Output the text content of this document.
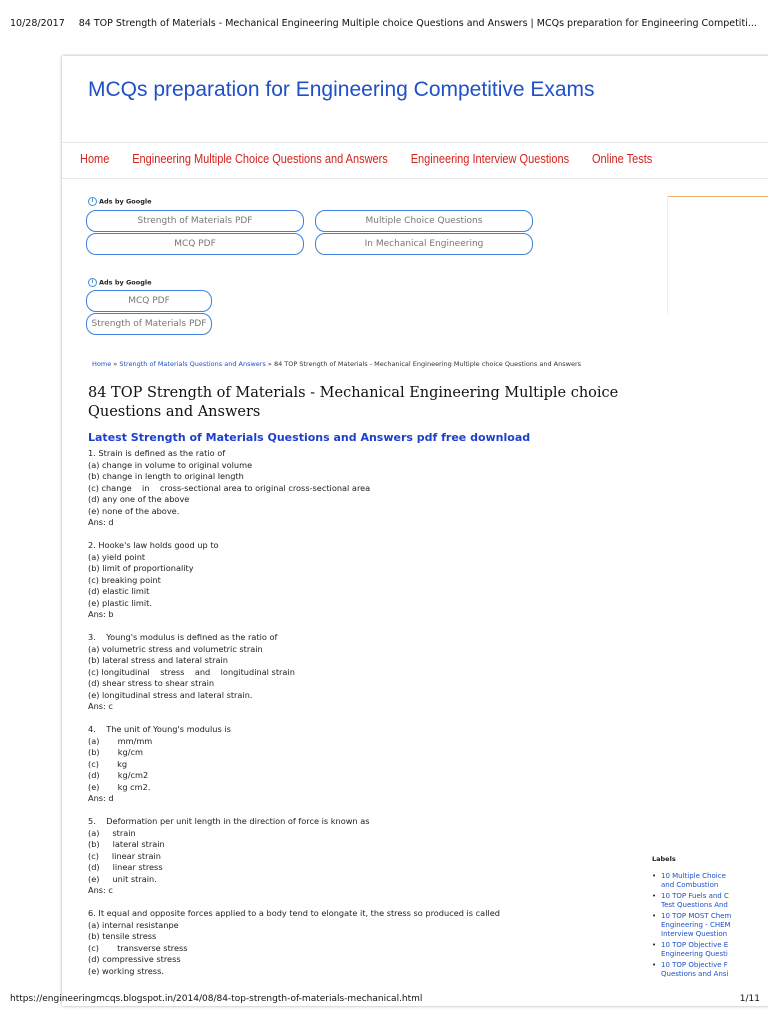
10/28/2017 84 TOP Strength of Materials - Mechanical Engineering Multiple choice Questions and Answers | MCQs preparation for Engineering Competiti...
MCQs preparation for Engineering Competitive Exams
Home Engineering Multiple Choice Questions and Answers Engineering Interview Questions Online Tests
i Ads by Google
Strength of Materials PDF	Multiple Choice Questions
MCQ PDF	In Mechanical Engineering
i Ads by Google
MCQ PDF
Strength of Materials PDF
Home » Strength of Materials Questions and Answers » 84 TOP Strength of Materials - Mechanical Engineering Multiple choice Questions and Answers
84 TOP Strength of Materials - Mechanical Engineering Multiple choice Questions and Answers
Latest Strength of Materials Questions and Answers pdf free download
1. Strain is defined as the ratio of
(a) change in volume to original volume
(b) change in length to original length
(c) change    in    cross-sectional area to original cross-sectional area
(d) any one of the above
(e) none of the above.
Ans: d
2. Hooke's law holds good up to
(a) yield point
(b) limit of proportionality
(c) breaking point
(d) elastic limit
(e) plastic limit.
Ans: b
3.    Young's modulus is defined as the ratio of
(a) volumetric stress and volumetric strain
(b) lateral stress and lateral strain
(c) longitudinal    stress    and    longitudinal strain
(d) shear stress to shear strain
(e) longitudinal stress and lateral strain.
Ans: c
4.    The unit of Young's modulus is
(a)       mm/mm
(b)       kg/cm
(c)       kg
(d)       kg/cm2
(e)       kg cm2.
Ans: d
5.    Deformation per unit length in the direction of force is known as
(a)     strain
(b)     lateral strain
(c)     linear strain
(d)     linear stress
(e)     unit strain.
Ans: c
6. It equal and opposite forces applied to a body tend to elongate it, the stress so produced is called
(a) internal resistanpe
(b) tensile stress
(c)       transverse stress
(d) compressive stress
(e) working stress.
Labels
• 10 Multiple Choice
and Combustion
• 10 TOP Fuels and C
Test Questions And
• 10 TOP MOST Chem
Engineering - CHEM
Interview Question
• 10 TOP Objective E
Engineering Questi
• 10 TOP Objective F
Questions and Ansi
https://engineeringmcqs.blogspot.in/2014/08/84-top-strength-of-materials-mechanical.html	1/11
